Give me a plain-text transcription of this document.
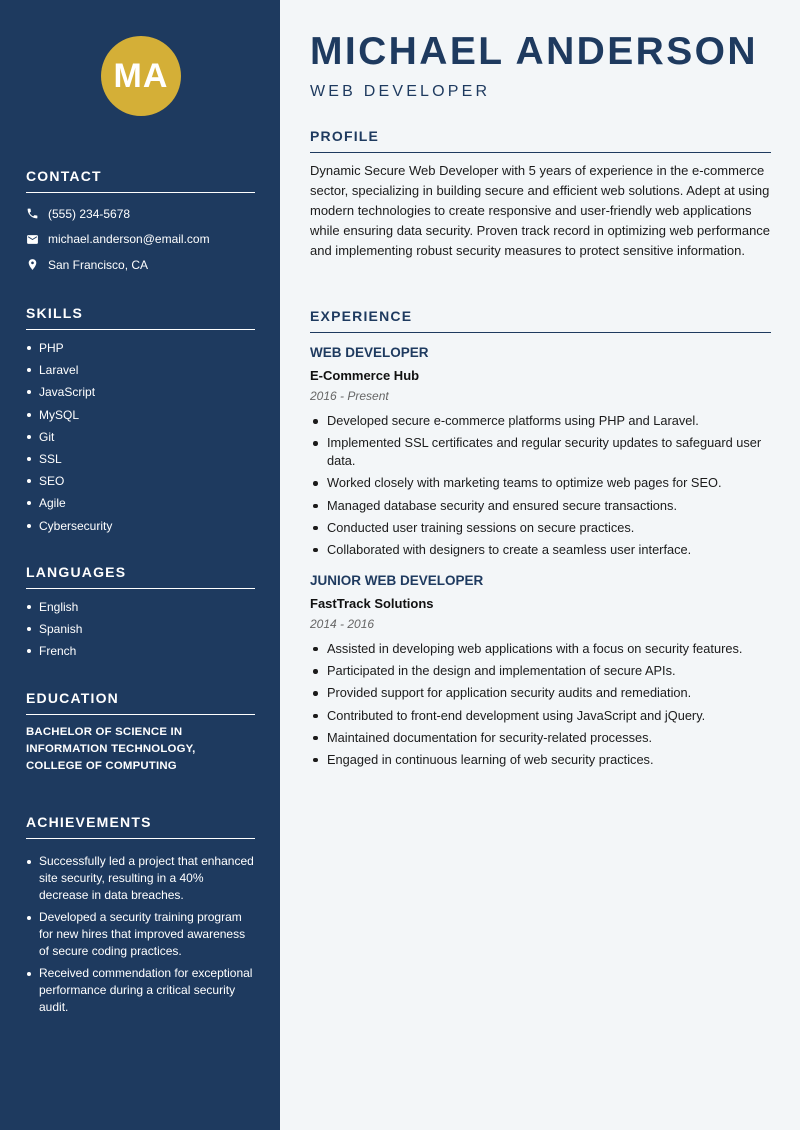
MA
CONTACT
(555) 234-5678
michael.anderson@email.com
San Francisco, CA
SKILLS
PHP
Laravel
JavaScript
MySQL
Git
SSL
SEO
Agile
Cybersecurity
LANGUAGES
English
Spanish
French
EDUCATION
BACHELOR OF SCIENCE IN INFORMATION TECHNOLOGY, COLLEGE OF COMPUTING
ACHIEVEMENTS
Successfully led a project that enhanced site security, resulting in a 40% decrease in data breaches.
Developed a security training program for new hires that improved awareness of secure coding practices.
Received commendation for exceptional performance during a critical security audit.
MICHAEL ANDERSON
WEB DEVELOPER
PROFILE

Dynamic Secure Web Developer with 5 years of experience in the e-commerce sector, specializing in building secure and efficient web solutions. Adept at using modern technologies to create responsive and user-friendly web applications while ensuring data security. Proven track record in optimizing web performance and implementing robust security measures to protect sensitive information.

EXPERIENCE
WEB DEVELOPER
E-Commerce Hub
2016 - Present
Developed secure e-commerce platforms using PHP and Laravel.
Implemented SSL certificates and regular security updates to safeguard user data.
Worked closely with marketing teams to optimize web pages for SEO.
Managed database security and ensured secure transactions.
Conducted user training sessions on secure practices.
Collaborated with designers to create a seamless user interface.
JUNIOR WEB DEVELOPER
FastTrack Solutions
2014 - 2016
Assisted in developing web applications with a focus on security features.
Participated in the design and implementation of secure APIs.
Provided support for application security audits and remediation.
Contributed to front-end development using JavaScript and jQuery.
Maintained documentation for security-related processes.
Engaged in continuous learning of web security practices.
